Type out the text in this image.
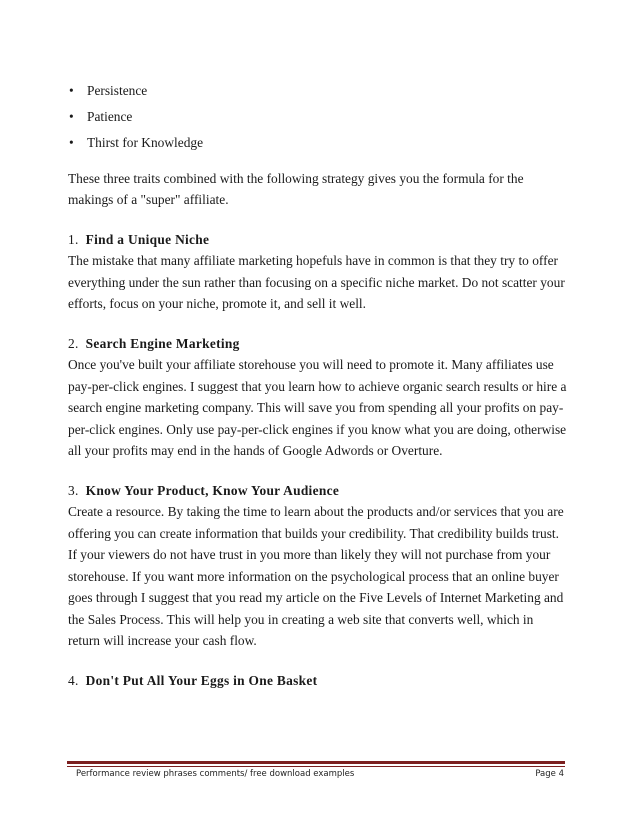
• Persistence
• Patience
• Thirst for Knowledge

These three traits combined with the following strategy gives you the formula for the makings of a "super" affiliate.

1. Find a Unique Niche

The mistake that many affiliate marketing hopefuls have in common is that they try to offer everything under the sun rather than focusing on a specific niche market. Do not scatter your efforts, focus on your niche, promote it, and sell it well.

2. Search Engine Marketing

Once you've built your affiliate storehouse you will need to promote it. Many affiliates use pay-per-click engines. I suggest that you learn how to achieve organic search results or hire a search engine marketing company. This will save you from spending all your profits on pay-per-click engines. Only use pay-per-click engines if you know what you are doing, otherwise all your profits may end in the hands of Google Adwords or Overture.

3. Know Your Product, Know Your Audience

Create a resource. By taking the time to learn about the products and/or services that you are offering you can create information that builds your credibility. That credibility builds trust. If your viewers do not have trust in you more than likely they will not purchase from your storehouse. If you want more information on the psychological process that an online buyer goes through I suggest that you read my article on the Five Levels of Internet Marketing and the Sales Process. This will help you in creating a web site that converts well, which in return will increase your cash flow.

4. Don't Put All Your Eggs in One Basket

Performance review phrases comments/ free download examples	Page 4
